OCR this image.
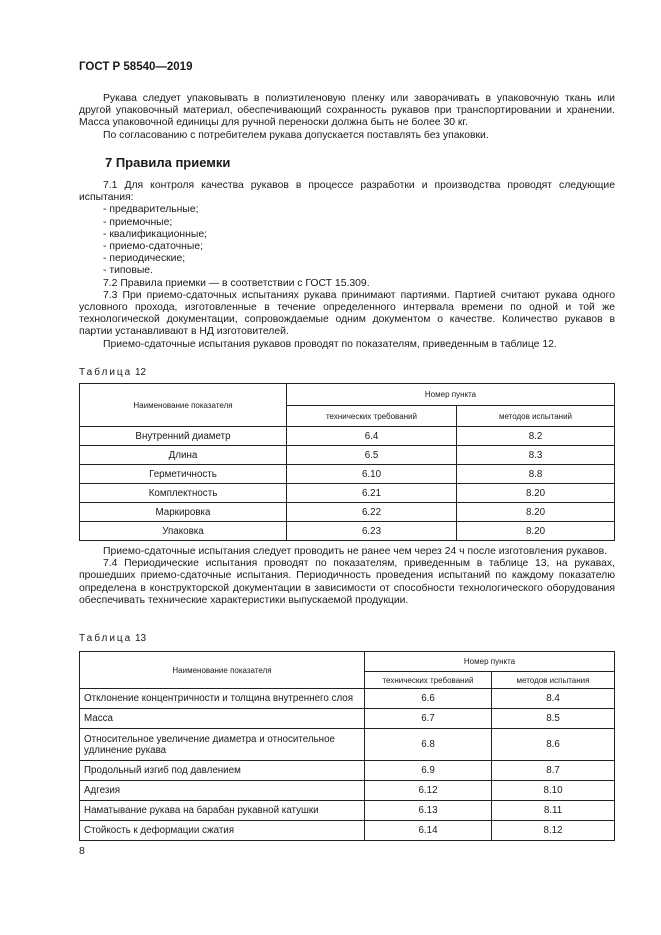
ГОСТ Р 58540—2019

Рукава следует упаковывать в полиэтиленовую пленку или заворачивать в упаковочную ткань или другой упаковочный материал, обеспечивающий сохранность рукавов при транспортировании и хранении. Масса упаковочной единицы для ручной переноски должна быть не более 30 кг.

По согласованию с потребителем рукава допускается поставлять без упаковки.

7 Правила приемки

7.1 Для контроля качества рукавов в процессе разработки и производства проводят следующие испытания:

- предварительные;

- приемочные;

- квалификационные;

- приемо-сдаточные;

- периодические;

- типовые.

7.2 Правила приемки — в соответствии с ГОСТ 15.309.

7.3 При приемо-сдаточных испытаниях рукава принимают партиями. Партией считают рукава одного условного прохода, изготовленные в течение определенного интервала времени по одной и той же технологической документации, сопровождаемые одним документом о качестве. Количество рукавов в партии устанавливают в НД изготовителей.

Приемо-сдаточные испытания рукавов проводят по показателям, приведенным в таблице 12.

Таблица 12
Наименование показателя	Номер пункта	
	технических требований	методов испытаний
Внутренний диаметр	6.4	8.2
Длина	6.5	8.3
Герметичность	6.10	8.8
Комплектность	6.21	8.20
Маркировка	6.22	8.20
Упаковка	6.23	8.20

Приемо-сдаточные испытания следует проводить не ранее чем через 24 ч после изготовления рукавов.

7.4 Периодические испытания проводят по показателям, приведенным в таблице 13, на рукавах, прошедших приемо-сдаточные испытания. Периодичность проведения испытаний по каждому показателю определена в конструкторской документации в зависимости от способности технологического оборудования обеспечивать технические характеристики выпускаемой продукции.

Таблица 13
Наименование показателя	Номер пункта	
	технических требований	методов испытания
Отклонение концентричности и толщина внутреннего слоя	6.6	8.4
Масса	6.7	8.5
Относительное увеличение диаметра и относительное удлинение рукава	6.8	8.6
Продольный изгиб под давлением	6.9	8.7
Адгезия	6.12	8.10
Наматывание рукава на барабан рукавной катушки	6.13	8.11
Стойкость к деформации сжатия	6.14	8.12
8
